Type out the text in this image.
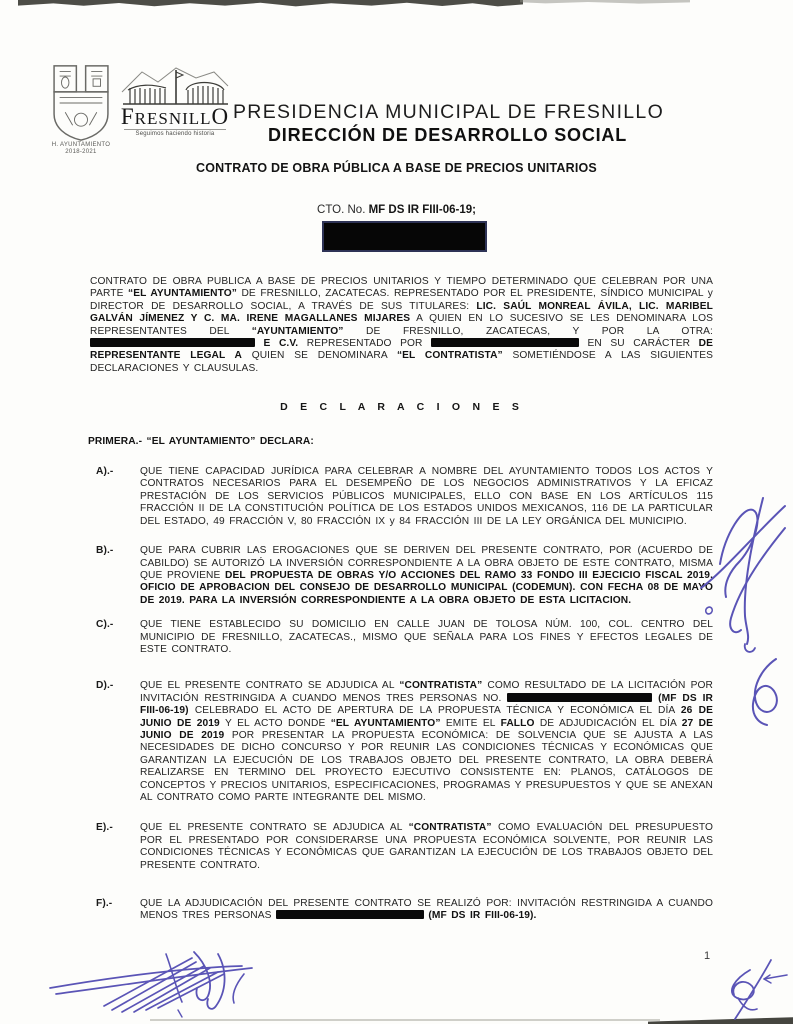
H. AYUNTAMIENTO
2018-2021
FRESNILLO
Seguimos haciendo historia
PRESIDENCIA MUNICIPAL DE FRESNILLO
DIRECCIÓN DE DESARROLLO SOCIAL
CONTRATO DE OBRA PÚBLICA A BASE DE PRECIOS UNITARIOS
CTO. No. MF DS IR FIII-06-19;
CONTRATO DE OBRA PUBLICA A BASE DE PRECIOS UNITARIOS Y TIEMPO DETERMINADO QUE CELEBRAN POR UNA PARTE “EL AYUNTAMIENTO” DE FRESNILLO, ZACATECAS. REPRESENTADO POR EL PRESIDENTE, SÍNDICO MUNICIPAL y DIRECTOR DE DESARROLLO SOCIAL, A TRAVÉS DE SUS TITULARES: LIC. SAÚL MONREAL ÁVILA, LIC. MARIBEL GALVÁN JÍMENEZ Y C. MA. IRENE MAGALLANES MIJARES A QUIEN EN LO SUCESIVO SE LES DENOMINARA LOS REPRESENTANTES DEL “AYUNTAMIENTO” DE FRESNILLO, ZACATECAS, Y POR LA OTRA:  E C.V. REPRESENTADO POR	EN SU CARÁCTER DE REPRESENTANTE LEGAL A QUIEN SE DENOMINARA “EL CONTRATISTA” SOMETIÉNDOSE A LAS SIGUIENTES DECLARACIONES Y CLAUSULAS.
D E C L A R A C I O N E S
PRIMERA.- “EL AYUNTAMIENTO” DECLARA:
A).-	QUE TIENE CAPACIDAD JURÍDICA PARA CELEBRAR A NOMBRE DEL AYUNTAMIENTO TODOS LOS ACTOS Y CONTRATOS NECESARIOS PARA EL DESEMPEÑO DE LOS NEGOCIOS ADMINISTRATIVOS Y LA EFICAZ PRESTACIÓN DE LOS SERVICIOS PÚBLICOS MUNICIPALES, ELLO CON BASE EN LOS ARTÍCULOS 115 FRACCIÓN II DE LA CONSTITUCIÓN POLÍTICA DE LOS ESTADOS UNIDOS MEXICANOS, 116 DE LA PARTICULAR DEL ESTADO, 49 FRACCIÓN V, 80 FRACCIÓN IX y 84 FRACCIÓN III DE LA LEY ORGÁNICA DEL MUNICIPIO.
B).-	QUE PARA CUBRIR LAS EROGACIONES QUE SE DERIVEN DEL PRESENTE CONTRATO, POR (ACUERDO DE CABILDO) SE AUTORIZÓ LA INVERSIÓN CORRESPONDIENTE A LA OBRA OBJETO DE ESTE CONTRATO, MISMA QUE PROVIENE DEL PROPUESTA DE OBRAS Y/O ACCIONES DEL RAMO 33 FONDO III EJECICIO FISCAL 2019. OFICIO DE APROBACION DEL CONSEJO DE DESARROLLO MUNICIPAL (CODEMUN). CON FECHA 08 DE MAYO DE 2019. PARA LA INVERSIÓN CORRESPONDIENTE A LA OBRA OBJETO DE ESTA LICITACION.
C).-	QUE TIENE ESTABLECIDO SU DOMICILIO EN CALLE JUAN DE TOLOSA NÚM. 100, COL. CENTRO DEL MUNICIPIO DE FRESNILLO, ZACATECAS., MISMO QUE SEÑALA PARA LOS FINES Y EFECTOS LEGALES DE ESTE CONTRATO.
D).-	QUE EL PRESENTE CONTRATO SE ADJUDICA AL “CONTRATISTA” COMO RESULTADO DE LA LICITACIÓN POR INVITACIÓN RESTRINGIDA A CUANDO MENOS TRES PERSONAS NO.	(MF DS IR FIII-06-19) CELEBRADO EL ACTO DE APERTURA DE LA PROPUESTA TÉCNICA Y ECONÓMICA EL DÍA 26 DE JUNIO DE 2019 Y EL ACTO DONDE “EL AYUNTAMIENTO” EMITE EL FALLO DE ADJUDICACIÓN EL DÍA 27 DE JUNIO DE 2019 POR PRESENTAR LA PROPUESTA ECONÓMICA: DE SOLVENCIA QUE SE AJUSTA A LAS NECESIDADES DE DICHO CONCURSO Y POR REUNIR LAS CONDICIONES TÉCNICAS Y ECONÓMICAS QUE GARANTIZAN LA EJECUCIÓN DE LOS TRABAJOS OBJETO DEL PRESENTE CONTRATO, LA OBRA DEBERÁ REALIZARSE EN TERMINO DEL PROYECTO EJECUTIVO CONSISTENTE EN: PLANOS, CATÁLOGOS DE CONCEPTOS Y PRECIOS UNITARIOS, ESPECIFICACIONES, PROGRAMAS Y PRESUPUESTOS Y QUE SE ANEXAN AL CONTRATO COMO PARTE INTEGRANTE DEL MISMO.
E).-	QUE EL PRESENTE CONTRATO SE ADJUDICA AL “CONTRATISTA” COMO EVALUACIÓN DEL PRESUPUESTO POR EL PRESENTADO POR CONSIDERARSE UNA PROPUESTA ECONÓMICA SOLVENTE, POR REUNIR LAS CONDICIONES TÉCNICAS Y ECONÓMICAS QUE GARANTIZAN LA EJECUCIÓN DE LOS TRABAJOS OBJETO DEL PRESENTE CONTRATO.
F).-	QUE LA ADJUDICACIÓN DEL PRESENTE CONTRATO SE REALIZÓ POR: INVITACIÓN RESTRINGIDA A CUANDO MENOS TRES PERSONAS	(MF DS IR FIII-06-19).
1
